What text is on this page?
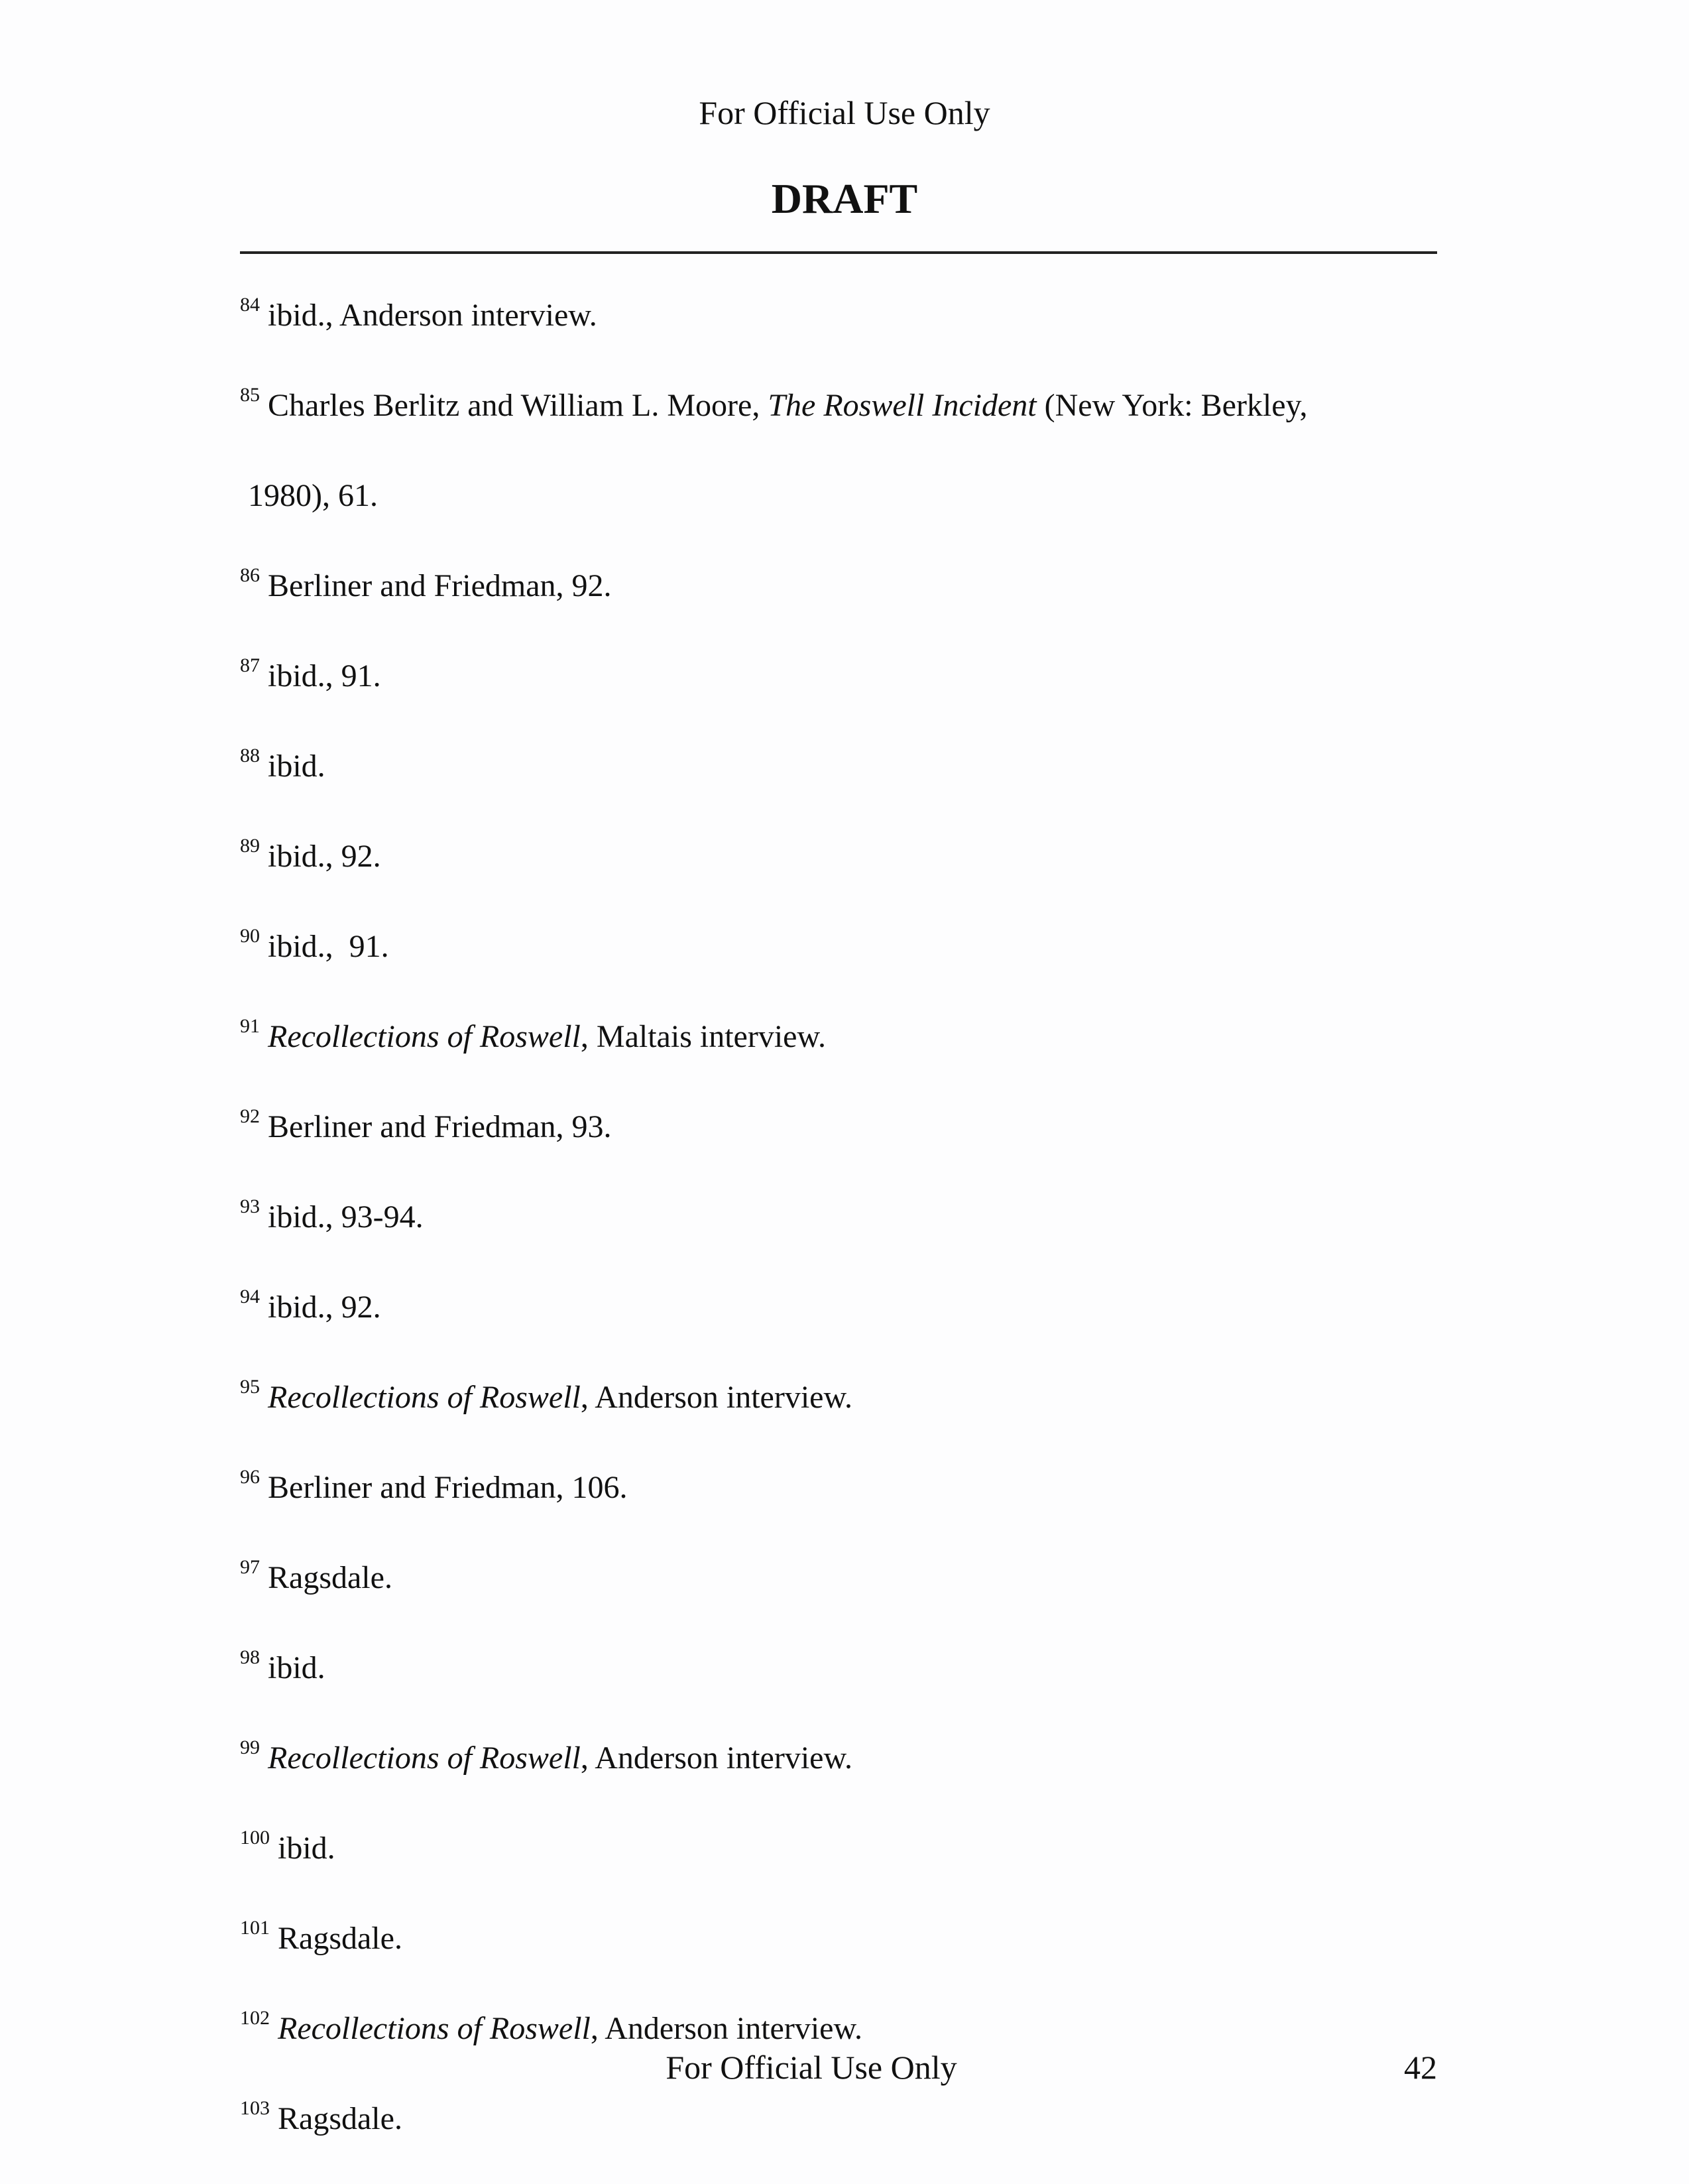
For Official Use Only
DRAFT
$^{84}$ ibid., Anderson interview.
$^{85}$ Charles Berlitz and William L. Moore, The Roswell Incident (New York: Berkley,
1980), 61.
$^{86}$ Berliner and Friedman, 92.
$^{87}$ ibid., 91.
$^{88}$ ibid.
$^{89}$ ibid., 92.
$^{90}$ ibid.,  91.
$^{91}$ Recollections of Roswell, Maltais interview.
$^{92}$ Berliner and Friedman, 93.
$^{93}$ ibid., 93-94.
$^{94}$ ibid., 92.
$^{95}$ Recollections of Roswell, Anderson interview.
$^{96}$ Berliner and Friedman, 106.
$^{97}$ Ragsdale.
$^{98}$ ibid.
$^{99}$ Recollections of Roswell, Anderson interview.
$^{100}$ ibid.
$^{101}$ Ragsdale.
$^{102}$ Recollections of Roswell, Anderson interview.
$^{103}$ Ragsdale.
For Official Use Only	42
